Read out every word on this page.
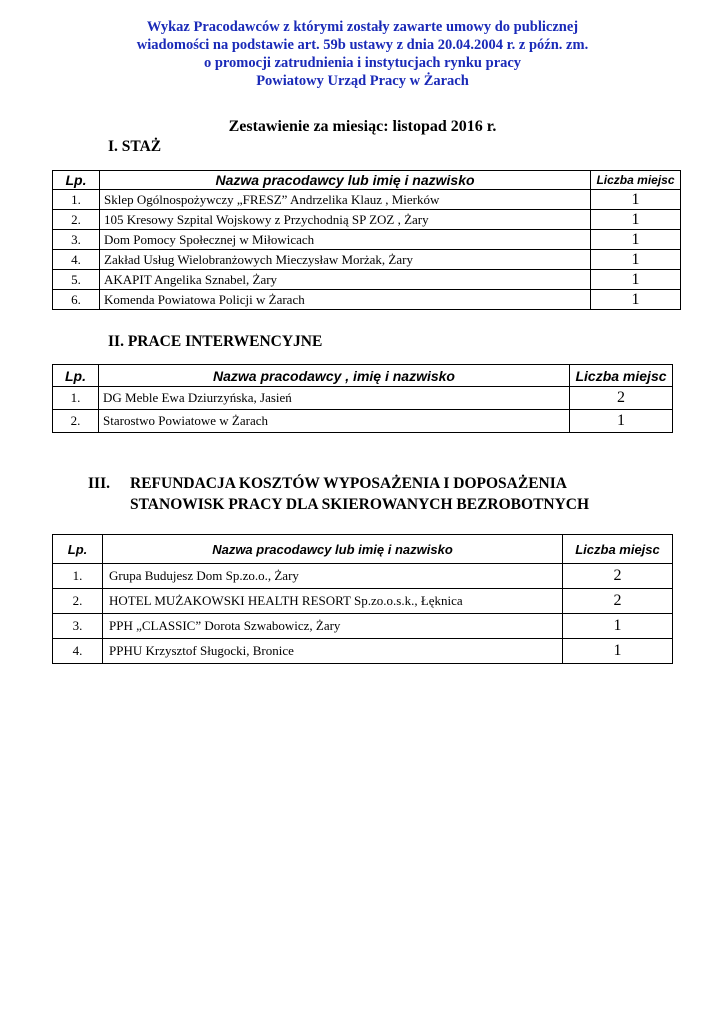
Wykaz Pracodawców z którymi zostały zawarte umowy do publicznej
wiadomości na podstawie art. 59b ustawy z dnia 20.04.2004 r. z późn. zm.
o promocji zatrudnienia i instytucjach rynku pracy
Powiatowy Urząd Pracy w Żarach
Zestawienie za miesiąc: listopad 2016 r.
I. STAŻ
Lp.	Nazwa pracodawcy lub imię i nazwisko	Liczba miejsc
1.	Sklep Ogólnospożywczy „FRESZ” Andrzelika Klauz , Mierków	1
2.	105 Kresowy Szpital Wojskowy z Przychodnią SP ZOZ , Żary	1
3.	Dom Pomocy Społecznej w Miłowicach	1
4.	Zakład Usług Wielobranżowych Mieczysław Morżak, Żary	1
5.	AKAPIT Angelika Sznabel, Żary	1
6.	Komenda Powiatowa Policji w Żarach	1
II. PRACE INTERWENCYJNE
Lp.	Nazwa pracodawcy , imię i nazwisko	Liczba miejsc
1.	DG Meble Ewa Dziurzyńska, Jasień	2
2.	Starostwo Powiatowe w Żarach	1
III. REFUNDACJA KOSZTÓW WYPOSAŻENIA I DOPOSAŻENIA
STANOWISK PRACY DLA SKIEROWANYCH BEZROBOTNYCH
Lp.	Nazwa pracodawcy lub imię i nazwisko	Liczba miejsc
1.	Grupa Budujesz Dom Sp.zo.o., Żary	2
2.	HOTEL MUŻAKOWSKI HEALTH RESORT Sp.zo.o.s.k., Łęknica	2
3.	PPH „CLASSIC” Dorota Szwabowicz, Żary	1
4.	PPHU Krzysztof Sługocki, Bronice	1
